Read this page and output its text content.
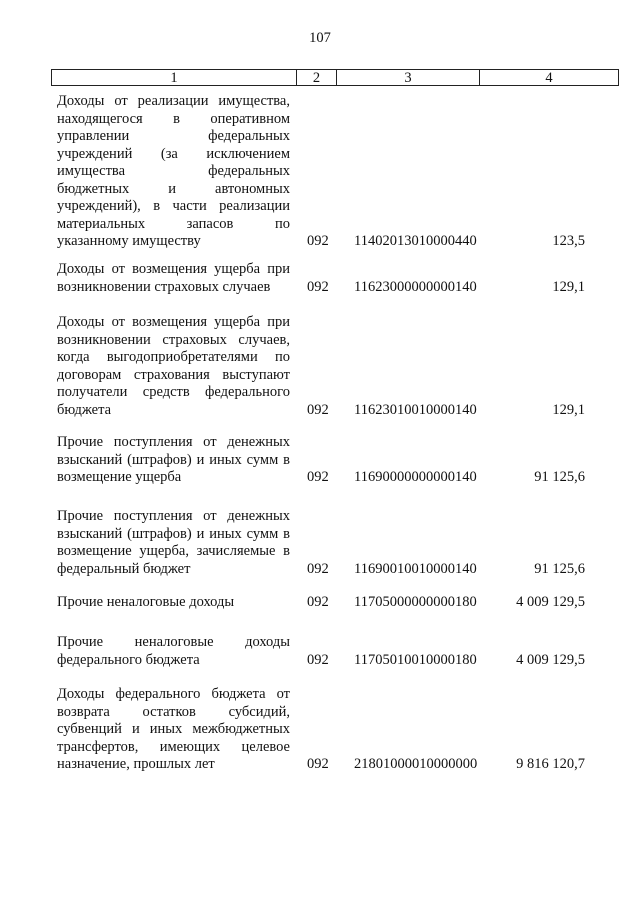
107
1	2	3	4
Доходы от реализации имущества,
находящегося в оперативном
управлении федеральных
учреждений (за исключением
имущества федеральных
бюджетных и автономных
учреждений), в части реализации
материальных запасов по
указанному имуществу	092	11402013010000440	123,5
Доходы от возмещения ущерба при
возникновении страховых случаев	092	11623000000000140	129,1
Доходы от возмещения ущерба при
возникновении страховых случаев,
когда выгодоприобретателями по
договорам страхования выступают
получатели средств федерального
бюджета	092	11623010010000140	129,1
Прочие поступления от денежных
взысканий (штрафов) и иных сумм в
возмещение ущерба	092	11690000000000140	91 125,6
Прочие поступления от денежных
взысканий (штрафов) и иных сумм в
возмещение ущерба, зачисляемые в
федеральный бюджет	092	11690010010000140	91 125,6
Прочие неналоговые доходы	092	11705000000000180	4 009 129,5
Прочие неналоговые доходы
федерального бюджета	092	11705010010000180	4 009 129,5
Доходы федерального бюджета от
возврата остатков субсидий,
субвенций и иных межбюджетных
трансфертов, имеющих целевое
назначение, прошлых лет	092	21801000010000000	9 816 120,7
